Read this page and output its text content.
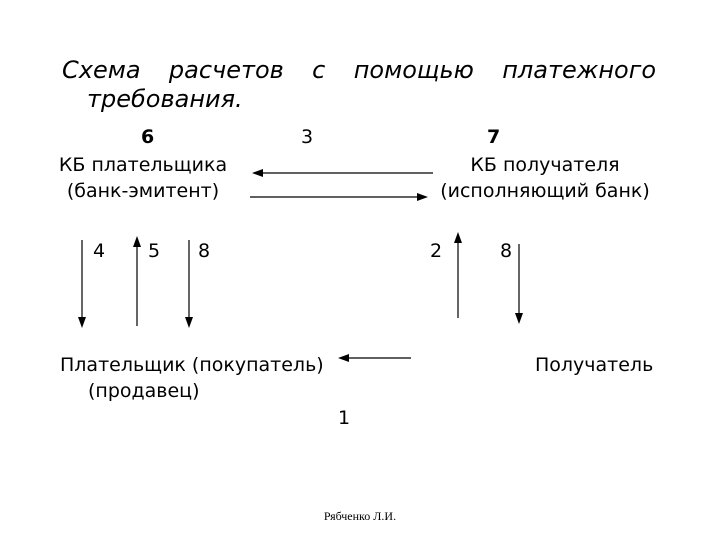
Схема расчетов с помощью платежного
требования.
6	3	7
КБ плательщика
(банк-эмитент)
КБ получателя
(исполняющий банк)
4 5 8	2	8
Плательщик (покупатель)
(продавец)
Получатель
1
Рябченко Л.И.
